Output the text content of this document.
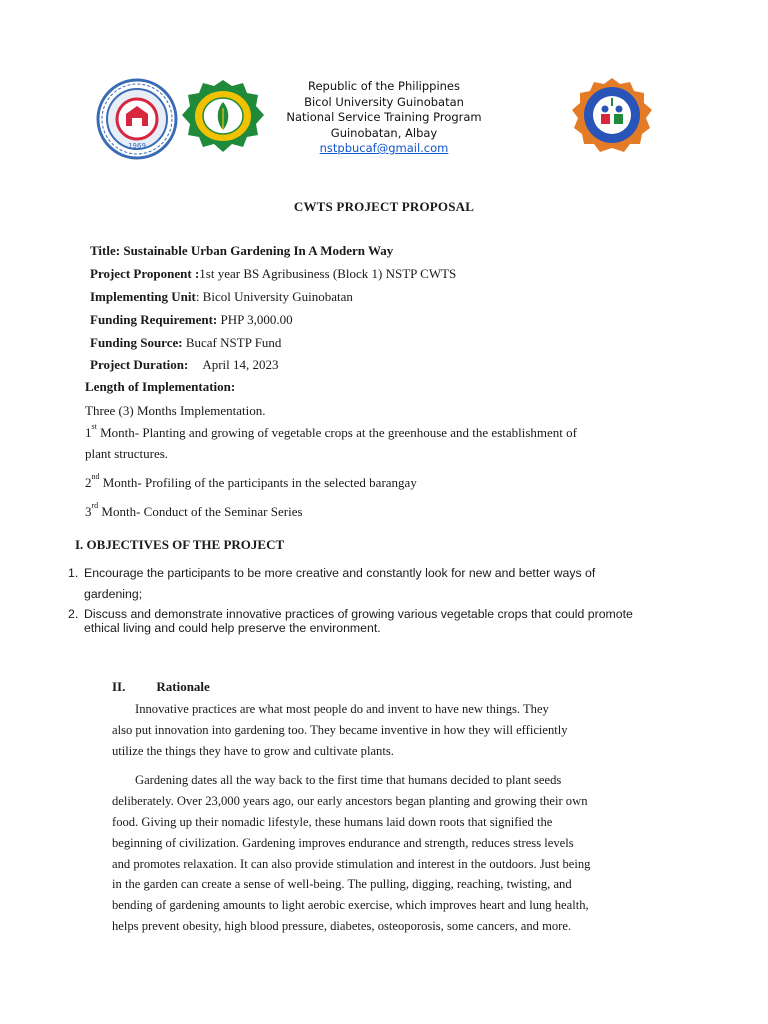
1969
Republic of the Philippines
Bicol University Guinobatan
National Service Training Program
Guinobatan, Albay
nstpbucaf@gmail.com
CWTS PROJECT PROPOSAL
Title: Sustainable Urban Gardening In A Modern Way
Project Proponent :1st year BS Agribusiness (Block 1) NSTP CWTS
Implementing Unit: Bicol University Guinobatan
Funding Requirement: PHP 3,000.00
Funding Source: Bucaf NSTP Fund
Project Duration: April 14, 2023
Length of Implementation:
Three (3) Months Implementation.
1st Month- Planting and growing of vegetable crops at the greenhouse and the establishment of
plant structures.
2nd Month- Profiling of the participants in the selected barangay
3rd Month- Conduct of the Seminar Series
I. OBJECTIVES OF THE PROJECT
1. Encourage the participants to be more creative and constantly look for new and better ways of
gardening;
2. Discuss and demonstrate innovative practices of growing various vegetable crops that could promote
ethical living and could help preserve the environment.
II. Rationale
Innovative practices are what most people do and invent to have new things. They
also put innovation into gardening too. They became inventive in how they will efficiently
utilize the things they have to grow and cultivate plants.
Gardening dates all the way back to the first time that humans decided to plant seeds
deliberately. Over 23,000 years ago, our early ancestors began planting and growing their own
food. Giving up their nomadic lifestyle, these humans laid down roots that signified the
beginning of civilization. Gardening improves endurance and strength, reduces stress levels
and promotes relaxation. It can also provide stimulation and interest in the outdoors. Just being
in the garden can create a sense of well-being. The pulling, digging, reaching, twisting, and
bending of gardening amounts to light aerobic exercise, which improves heart and lung health,
helps prevent obesity, high blood pressure, diabetes, osteoporosis, some cancers, and more.
